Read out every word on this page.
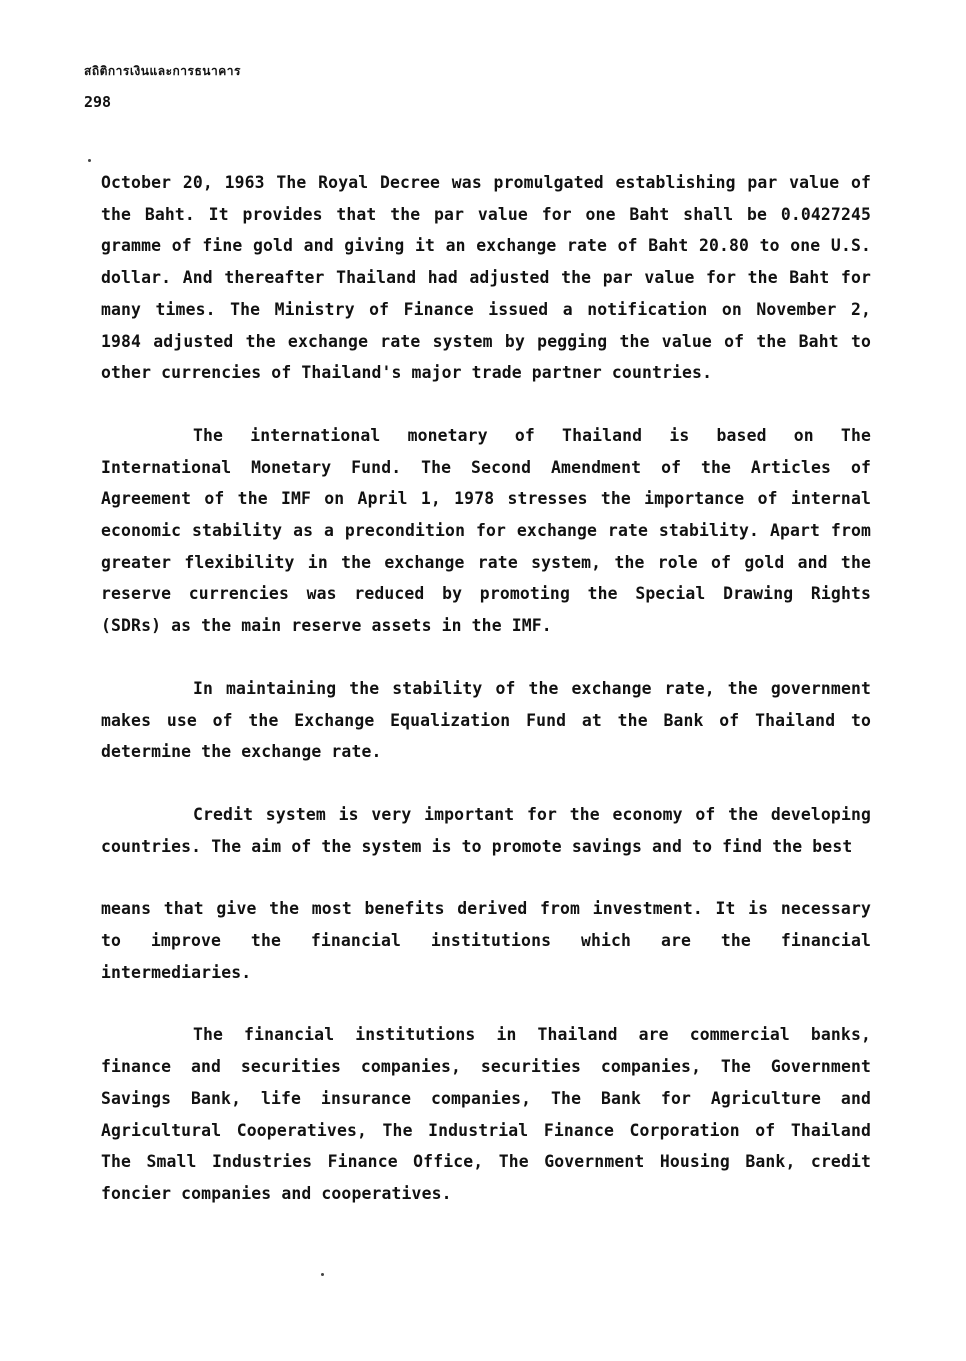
สถิติการเงินและการธนาคาร
298

October 20, 1963 The Royal Decree was promulgated establishing par value of the Baht. It provides that the par value for one Baht shall be 0.0427245 gramme of fine gold and giving it an exchange rate of Baht 20.80 to one U.S. dollar. And thereafter Thailand had adjusted the par value for the Baht for many times. The Ministry of Finance issued a notification on November 2, 1984 adjusted the exchange rate system by pegging the value of the Baht to other currencies of Thailand's major trade partner countries.

The international monetary of Thailand is based on The International Monetary Fund. The Second Amendment of the Articles of Agreement of the IMF on April 1, 1978 stresses the importance of internal economic stability as a precondition for exchange rate stability. Apart from greater flexibility in the exchange rate system, the role of gold and the reserve currencies was reduced by promoting the Special Drawing Rights (SDRs) as the main reserve assets in the IMF.

In maintaining the stability of the exchange rate, the government makes use of the Exchange Equalization Fund at the Bank of Thailand to determine the exchange rate.

Credit system is very important for the economy of the developing countries. The aim of the system is to promote savings and to find the best

means that give the most benefits derived from investment. It is necessary to improve the financial institutions which are the financial intermediaries.

The financial institutions in Thailand are commercial banks, finance and securities companies, securities companies, The Government Savings Bank, life insurance companies, The Bank for Agriculture and Agricultural Cooperatives, The Industrial Finance Corporation of Thailand The Small Industries Finance Office, The Government Housing Bank, credit foncier companies and cooperatives.
